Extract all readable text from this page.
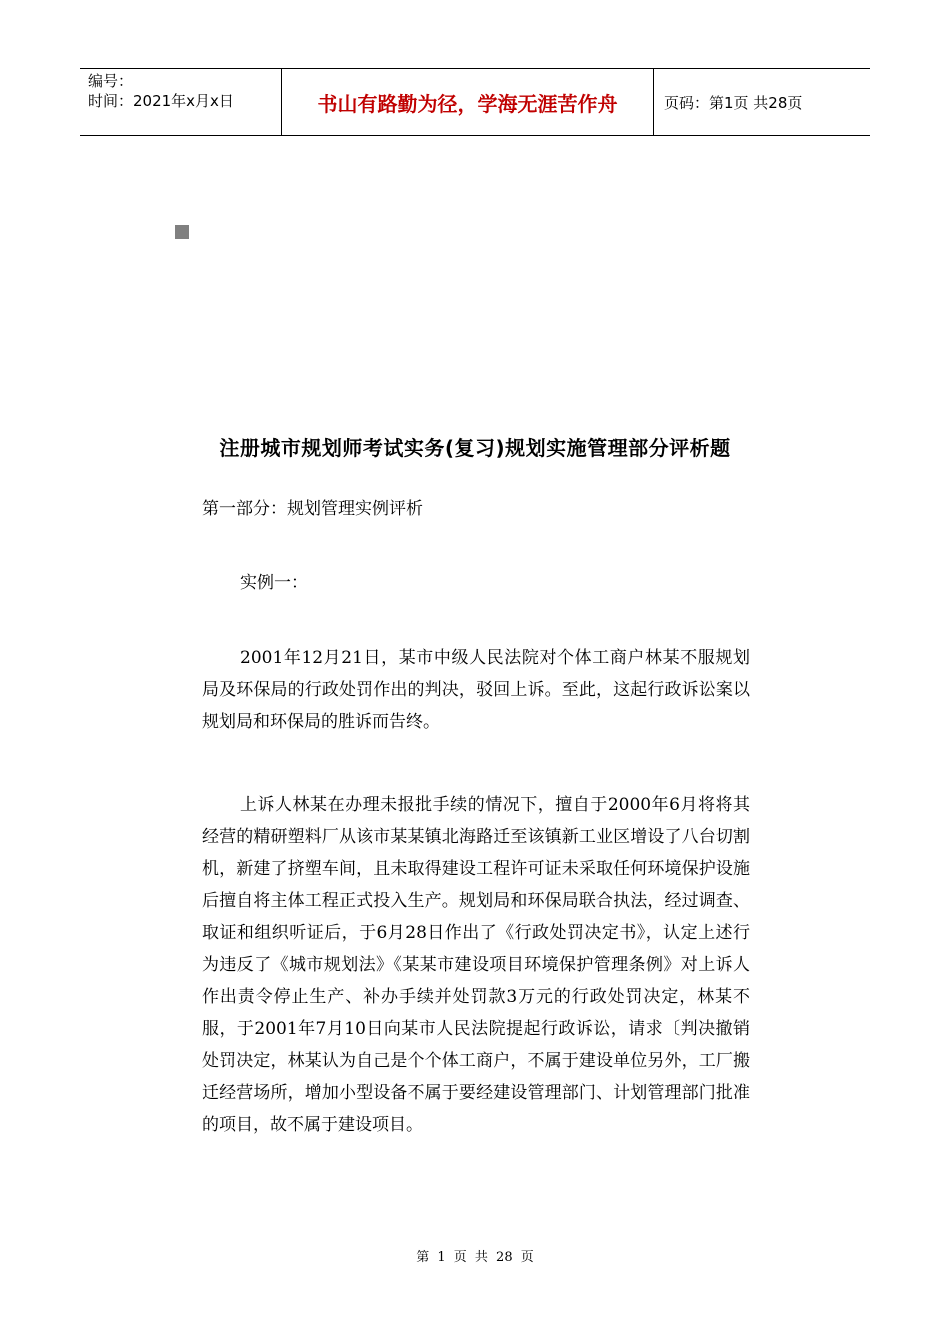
编号：
时间：2021年x月x日	书山有路勤为径，学海无涯苦作舟	页码：第1页 共28页
注册城市规划师考试实务(复习)规划实施管理部分评析题
第一部分：规划管理实例评析
实例一：

2001年12月21日，某市中级人民法院对个体工商户林某不服规划局及环保局的行政处罚作出的判决，驳回上诉。至此，这起行政诉讼案以规划局和环保局的胜诉而告终。

上诉人林某在办理未报批手续的情况下，擅自于2000年6月将将其经营的精研塑料厂从该市某某镇北海路迁至该镇新工业区增设了八台切割机，新建了挤塑车间，且未取得建设工程许可证未采取任何环境保护设施后擅自将主体工程正式投入生产。规划局和环保局联合执法，经过调查、取证和组织听证后，于6月28日作出了《行政处罚决定书》，认定上述行为违反了《城市规划法》《某某市建设项目环境保护管理条例》对上诉人作出责令停止生产、补办手续并处罚款3万元的行政处罚决定，林某不服，于2001年7月10日向某市人民法院提起行政诉讼，请求〔判决撤销处罚决定，林某认为自己是个个体工商户，不属于建设单位另外，工厂搬迁经营场所，增加小型设备不属于要经建设管理部门、计划管理部门批准的项目，故不属于建设项目。

第 1 页 共 28 页
